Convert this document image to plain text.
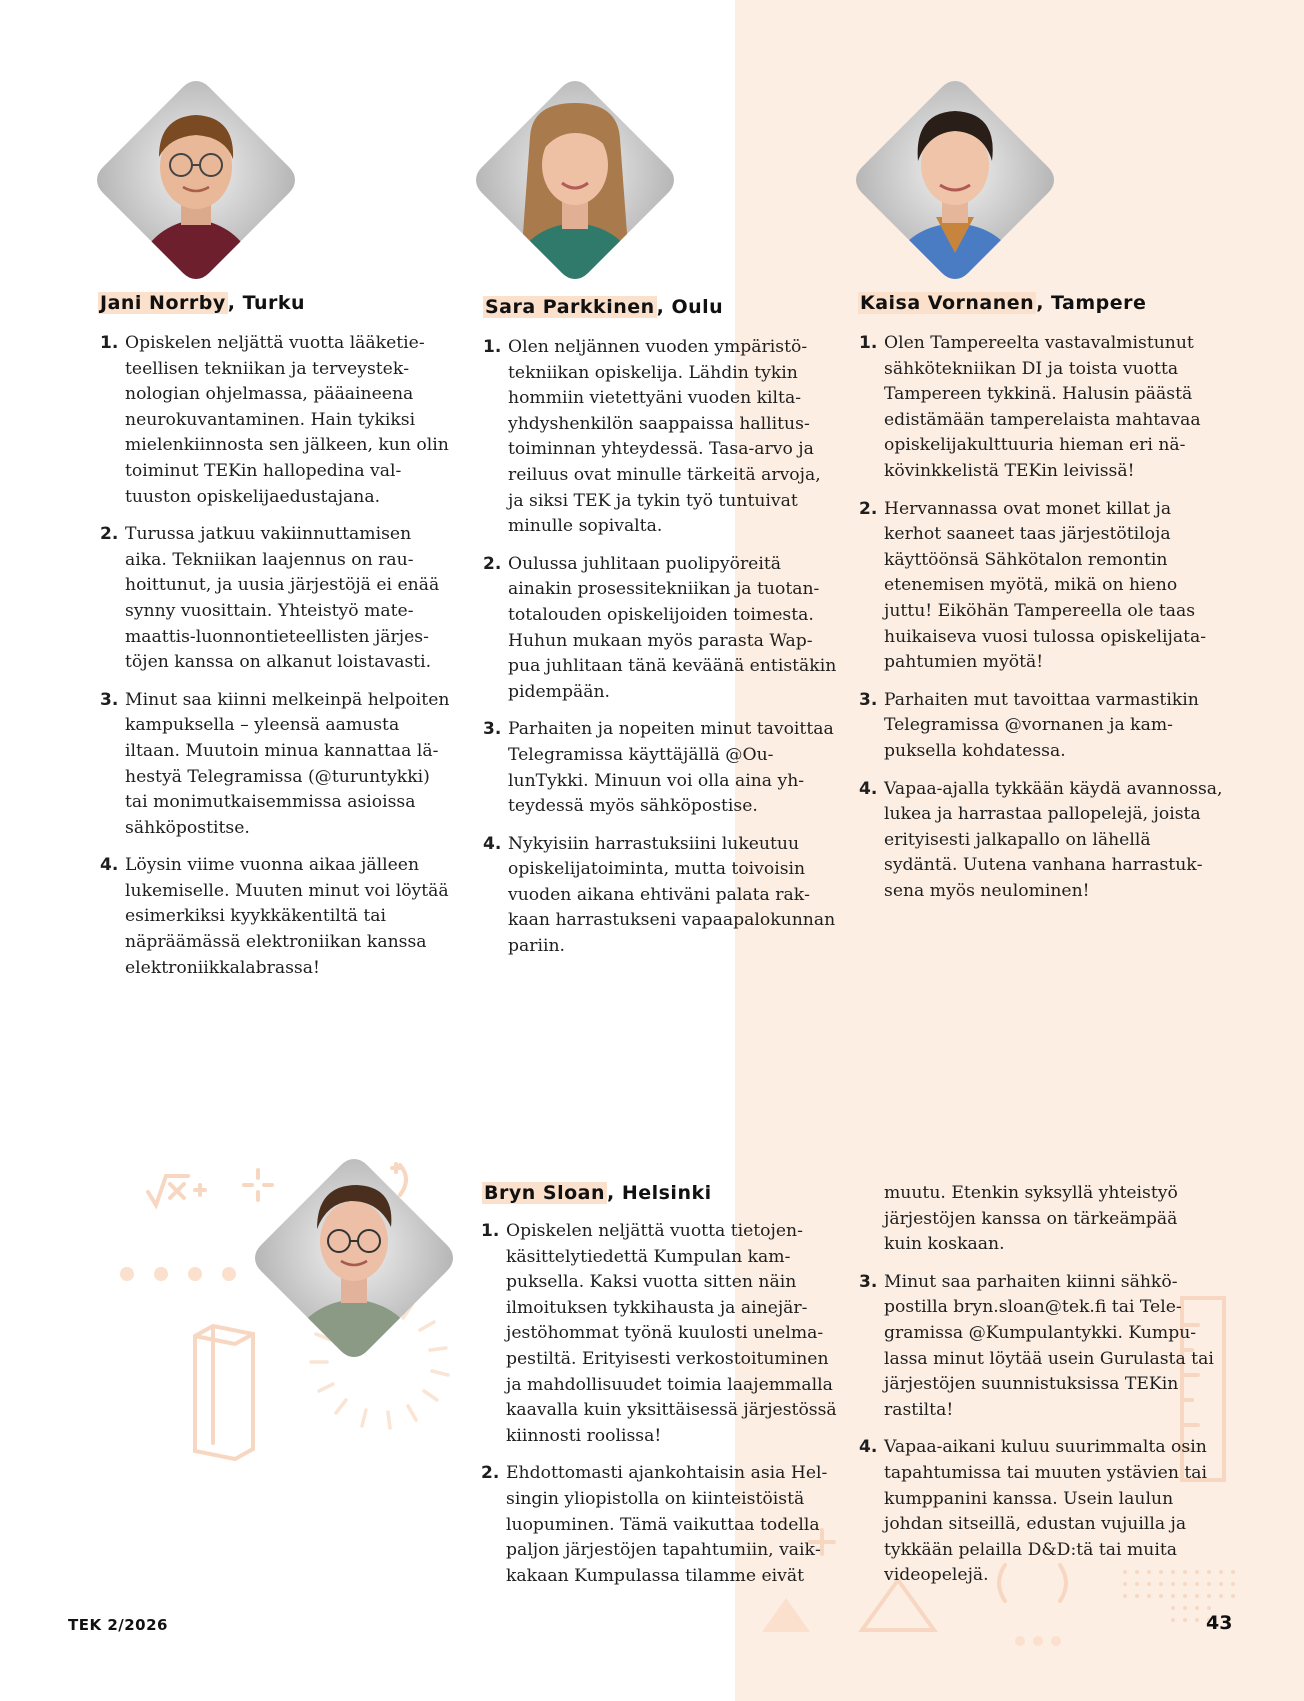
Jani Norrby , Turku	Sara Parkkinen , Oulu	Kaisa Vornanen , Tampere
Bryn Sloan , Helsinki
1. Opiskelen neljättä vuotta lääketieteellisen tekniikan ja terveysteknologian ohjelmassa, pääaineena neurokuvantaminen. Hain tykiksi mielenkiinnosta sen jälkeen, kun olin toiminut TEKin hallopedina valtuuston opiskelijaedustajana.
2. Turussa jatkuu vakiinnuttamisen aika. Tekniikan laajennus on rauhoittunut, ja uusia järjestöjä ei enää synny vuosittain. Yhteistyö matemaattis-luonnontieteellisten järjestöjen kanssa on alkanut loistavasti.
3. Minut saa kiinni melkeinpä helpoiten kampuksella – yleensä aamusta iltaan. Muutoin minua kannattaa lähestyä Telegramissa (@turuntykki) tai monimutkaisemmissa asioissa sähköpostitse.
4. Löysin viime vuonna aikaa jälleen lukemiselle. Muuten minut voi löytää esimerkiksi kyykkäkentiltä tai näpräämässä elektroniikan kanssa elektroniikkalabrassa!
1. Olen neljännen vuoden ympäristötekniikan opiskelija. Lähdin tykin hommiin vietettyäni vuoden kiltayhdyshenkilön saappaissa hallitustoiminnan yhteydessä. Tasa-arvo ja reiluus ovat minulle tärkeitä arvoja, ja siksi TEK ja tykin työ tuntuivat minulle sopivalta.
2. Oulussa juhlitaan puolipyöreitä ainakin prosessitekniikan ja tuotantotalouden opiskelijoiden toimesta. Huhun mukaan myös parasta Wappua juhlitaan tänä keväänä entistäkin pidempään.
3. Parhaiten ja nopeiten minut tavoittaa Telegramissa käyttäjällä @OulunTykki. Minuun voi olla aina yhteydessä myös sähköpostise.
4. Nykyisiin harrastuksiini lukeutuu opiskelijatoiminta, mutta toivoisin vuoden aikana ehtiväni palata rakkaan harrastukseni vapaapalokunnan pariin.
1. Olen Tampereelta vastavalmistunut sähkötekniikan DI ja toista vuotta Tampereen tykkinä. Halusin päästä edistämään tamperelaista mahtavaa opiskelijakulttuuria hieman eri näkövinkkelistä TEKin leivissä!
2. Hervannassa ovat monet killat ja kerhot saaneet taas järjestötiloja käyttöönsä Sähkötalon remontin etenemisen myötä, mikä on hieno juttu! Eiköhän Tampereella ole taas huikaiseva vuosi tulossa opiskelijatapahtumien myötä!
3. Parhaiten mut tavoittaa varmastikin Telegramissa @vornanen ja kampuksella kohdatessa.
4. Vapaa-ajalla tykkään käydä avannossa, lukea ja harrastaa pallopelejä, joista erityisesti jalkapallo on lähellä sydäntä. Uutena vanhana harrastuksena myös neulominen!
1. Opiskelen neljättä vuotta tietojenkäsittelytiedettä Kumpulan kampuksella. Kaksi vuotta sitten näin ilmoituksen tykkihausta ja ainejärjestöhommat työnä kuulosti unelmapestiltä. Erityisesti verkostoituminen ja mahdollisuudet toimia laajemmalla kaavalla kuin yksittäisessä järjestössä kiinnosti roolissa!
2. Ehdottomasti ajankohtaisin asia Helsingin yliopistolla on kiinteistöistä luopuminen. Tämä vaikuttaa todella paljon järjestöjen tapahtumiin, vaikkakaan Kumpulassa tilamme eivät

muutu. Etenkin syksyllä yhteistyö järjestöjen kanssa on tärkeämpää kuin koskaan.

3. Minut saa parhaiten kiinni sähköpostilla bryn.sloan@tek.fi tai Telegramissa @Kumpulantykki. Kumpulassa minut löytää usein Gurulasta tai järjestöjen suunnistuksissa TEKin rastilta!
4. Vapaa-aikani kuluu suurimmalta osin tapahtumissa tai muuten ystävien tai kumppanini kanssa. Usein laulun johdan sitseillä, edustan vujuilla ja tykkään pelailla D&D:tä tai muita videopelejä.
TEK 2/2026	43
